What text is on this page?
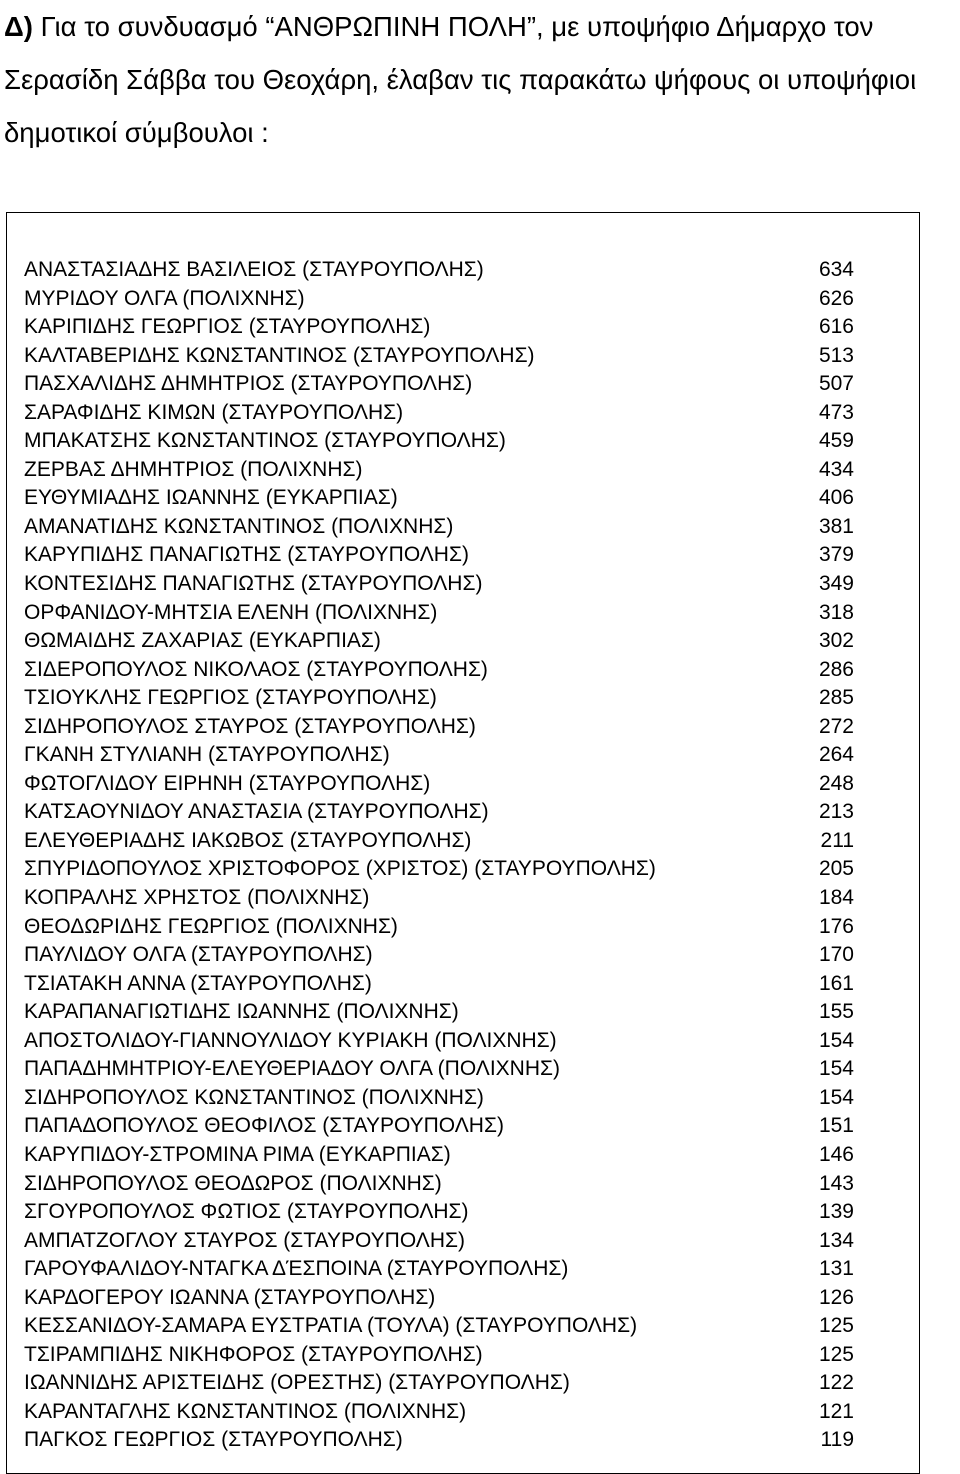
Δ) Για το συνδυασμό “ΑΝΘΡΩΠΙΝΗ ΠΟΛΗ”, με υποψήφιο Δήμαρχο τον Σερασίδη Σάββα του Θεοχάρη, έλαβαν τις παρακάτω ψήφους οι υποψήφιοι δημοτικοί σύμβουλοι :

ΑΝΑΣΤΑΣΙΑΔΗΣ ΒΑΣΙΛΕΙΟΣ (ΣΤΑΥΡΟΥΠΟΛΗΣ)	634
ΜΥΡΙΔΟΥ ΟΛΓΑ (ΠΟΛΙΧΝΗΣ)	626
ΚΑΡΙΠΙΔΗΣ ΓΕΩΡΓΙΟΣ (ΣΤΑΥΡΟΥΠΟΛΗΣ)	616
ΚΑΛΤΑΒΕΡΙΔΗΣ ΚΩΝΣΤΑΝΤΙΝΟΣ (ΣΤΑΥΡΟΥΠΟΛΗΣ)	513
ΠΑΣΧΑΛΙΔΗΣ ΔΗΜΗΤΡΙΟΣ (ΣΤΑΥΡΟΥΠΟΛΗΣ)	507
ΣΑΡΑΦΙΔΗΣ ΚΙΜΩΝ (ΣΤΑΥΡΟΥΠΟΛΗΣ)	473
ΜΠΑΚΑΤΣΗΣ ΚΩΝΣΤΑΝΤΙΝΟΣ (ΣΤΑΥΡΟΥΠΟΛΗΣ)	459
ΖΕΡΒΑΣ ΔΗΜΗΤΡΙΟΣ (ΠΟΛΙΧΝΗΣ)	434
ΕΥΘΥΜΙΑΔΗΣ ΙΩΑΝΝΗΣ (ΕΥΚΑΡΠΙΑΣ)	406
ΑΜΑΝΑΤΙΔΗΣ ΚΩΝΣΤΑΝΤΙΝΟΣ (ΠΟΛΙΧΝΗΣ)	381
ΚΑΡΥΠΙΔΗΣ ΠΑΝΑΓΙΩΤΗΣ (ΣΤΑΥΡΟΥΠΟΛΗΣ)	379
ΚΟΝΤΕΣΙΔΗΣ ΠΑΝΑΓΙΩΤΗΣ (ΣΤΑΥΡΟΥΠΟΛΗΣ)	349
ΟΡΦΑΝΙΔΟΥ-ΜΗΤΣΙΑ ΕΛΕΝΗ (ΠΟΛΙΧΝΗΣ)	318
ΘΩΜΑΙΔΗΣ ΖΑΧΑΡΙΑΣ (ΕΥΚΑΡΠΙΑΣ)	302
ΣΙΔΕΡΟΠΟΥΛΟΣ ΝΙΚΟΛΑΟΣ (ΣΤΑΥΡΟΥΠΟΛΗΣ)	286
ΤΣΙΟΥΚΛΗΣ ΓΕΩΡΓΙΟΣ (ΣΤΑΥΡΟΥΠΟΛΗΣ)	285
ΣΙΔΗΡΟΠΟΥΛΟΣ ΣΤΑΥΡΟΣ (ΣΤΑΥΡΟΥΠΟΛΗΣ)	272
ΓΚΑΝΗ ΣΤΥΛΙΑΝΗ (ΣΤΑΥΡΟΥΠΟΛΗΣ)	264
ΦΩΤΟΓΛΙΔΟΥ ΕΙΡΗΝΗ (ΣΤΑΥΡΟΥΠΟΛΗΣ)	248
ΚΑΤΣΑΟΥΝΙΔΟΥ ΑΝΑΣΤΑΣΙΑ (ΣΤΑΥΡΟΥΠΟΛΗΣ)	213
ΕΛΕΥΘΕΡΙΑΔΗΣ ΙΑΚΩΒΟΣ (ΣΤΑΥΡΟΥΠΟΛΗΣ)	211
ΣΠΥΡΙΔΟΠΟΥΛΟΣ ΧΡΙΣΤΟΦΟΡΟΣ (ΧΡΙΣΤΟΣ) (ΣΤΑΥΡΟΥΠΟΛΗΣ)	205
ΚΟΠΡΑΛΗΣ ΧΡΗΣΤΟΣ (ΠΟΛΙΧΝΗΣ)	184
ΘΕΟΔΩΡΙΔΗΣ ΓΕΩΡΓΙΟΣ (ΠΟΛΙΧΝΗΣ)	176
ΠΑΥΛΙΔΟΥ ΟΛΓΑ (ΣΤΑΥΡΟΥΠΟΛΗΣ)	170
ΤΣΙΑΤΑΚΗ ΑΝΝΑ (ΣΤΑΥΡΟΥΠΟΛΗΣ)	161
ΚΑΡΑΠΑΝΑΓΙΩΤΙΔΗΣ ΙΩΑΝΝΗΣ (ΠΟΛΙΧΝΗΣ)	155
ΑΠΟΣΤΟΛΙΔΟΥ-ΓΙΑΝΝΟΥΛΙΔΟΥ ΚΥΡΙΑΚΗ (ΠΟΛΙΧΝΗΣ)	154
ΠΑΠΑΔΗΜΗΤΡΙΟΥ-ΕΛΕΥΘΕΡΙΑΔΟΥ ΟΛΓΑ (ΠΟΛΙΧΝΗΣ)	154
ΣΙΔΗΡΟΠΟΥΛΟΣ ΚΩΝΣΤΑΝΤΙΝΟΣ (ΠΟΛΙΧΝΗΣ)	154
ΠΑΠΑΔΟΠΟΥΛΟΣ ΘΕΟΦΙΛΟΣ (ΣΤΑΥΡΟΥΠΟΛΗΣ)	151
ΚΑΡΥΠΙΔΟΥ-ΣΤΡΟΜΙΝΑ ΡΙΜΑ (ΕΥΚΑΡΠΙΑΣ)	146
ΣΙΔΗΡΟΠΟΥΛΟΣ ΘΕΟΔΩΡΟΣ (ΠΟΛΙΧΝΗΣ)	143
ΣΓΟΥΡΟΠΟΥΛΟΣ ΦΩΤΙΟΣ (ΣΤΑΥΡΟΥΠΟΛΗΣ)	139
ΑΜΠΑΤΖΟΓΛΟΥ ΣΤΑΥΡΟΣ (ΣΤΑΥΡΟΥΠΟΛΗΣ)	134
ΓΑΡΟΥΦΑΛΙΔΟΥ-ΝΤΑΓΚΑ ΔΈΣΠΟΙΝΑ (ΣΤΑΥΡΟΥΠΟΛΗΣ)	131
ΚΑΡΔΟΓΕΡΟΥ ΙΩΑΝΝΑ (ΣΤΑΥΡΟΥΠΟΛΗΣ)	126
ΚΕΣΣΑΝΙΔΟΥ-ΣΑΜΑΡΑ ΕΥΣΤΡΑΤΙΑ (ΤΟΥΛΑ) (ΣΤΑΥΡΟΥΠΟΛΗΣ)	125
ΤΣΙΡΑΜΠΙΔΗΣ ΝΙΚΗΦΟΡΟΣ (ΣΤΑΥΡΟΥΠΟΛΗΣ)	125
ΙΩΑΝΝΙΔΗΣ ΑΡΙΣΤΕΙΔΗΣ (ΟΡΕΣΤΗΣ) (ΣΤΑΥΡΟΥΠΟΛΗΣ)	122
ΚΑΡΑΝΤΑΓΛΗΣ ΚΩΝΣΤΑΝΤΙΝΟΣ (ΠΟΛΙΧΝΗΣ)	121
ΠΑΓΚΟΣ ΓΕΩΡΓΙΟΣ (ΣΤΑΥΡΟΥΠΟΛΗΣ)	119
